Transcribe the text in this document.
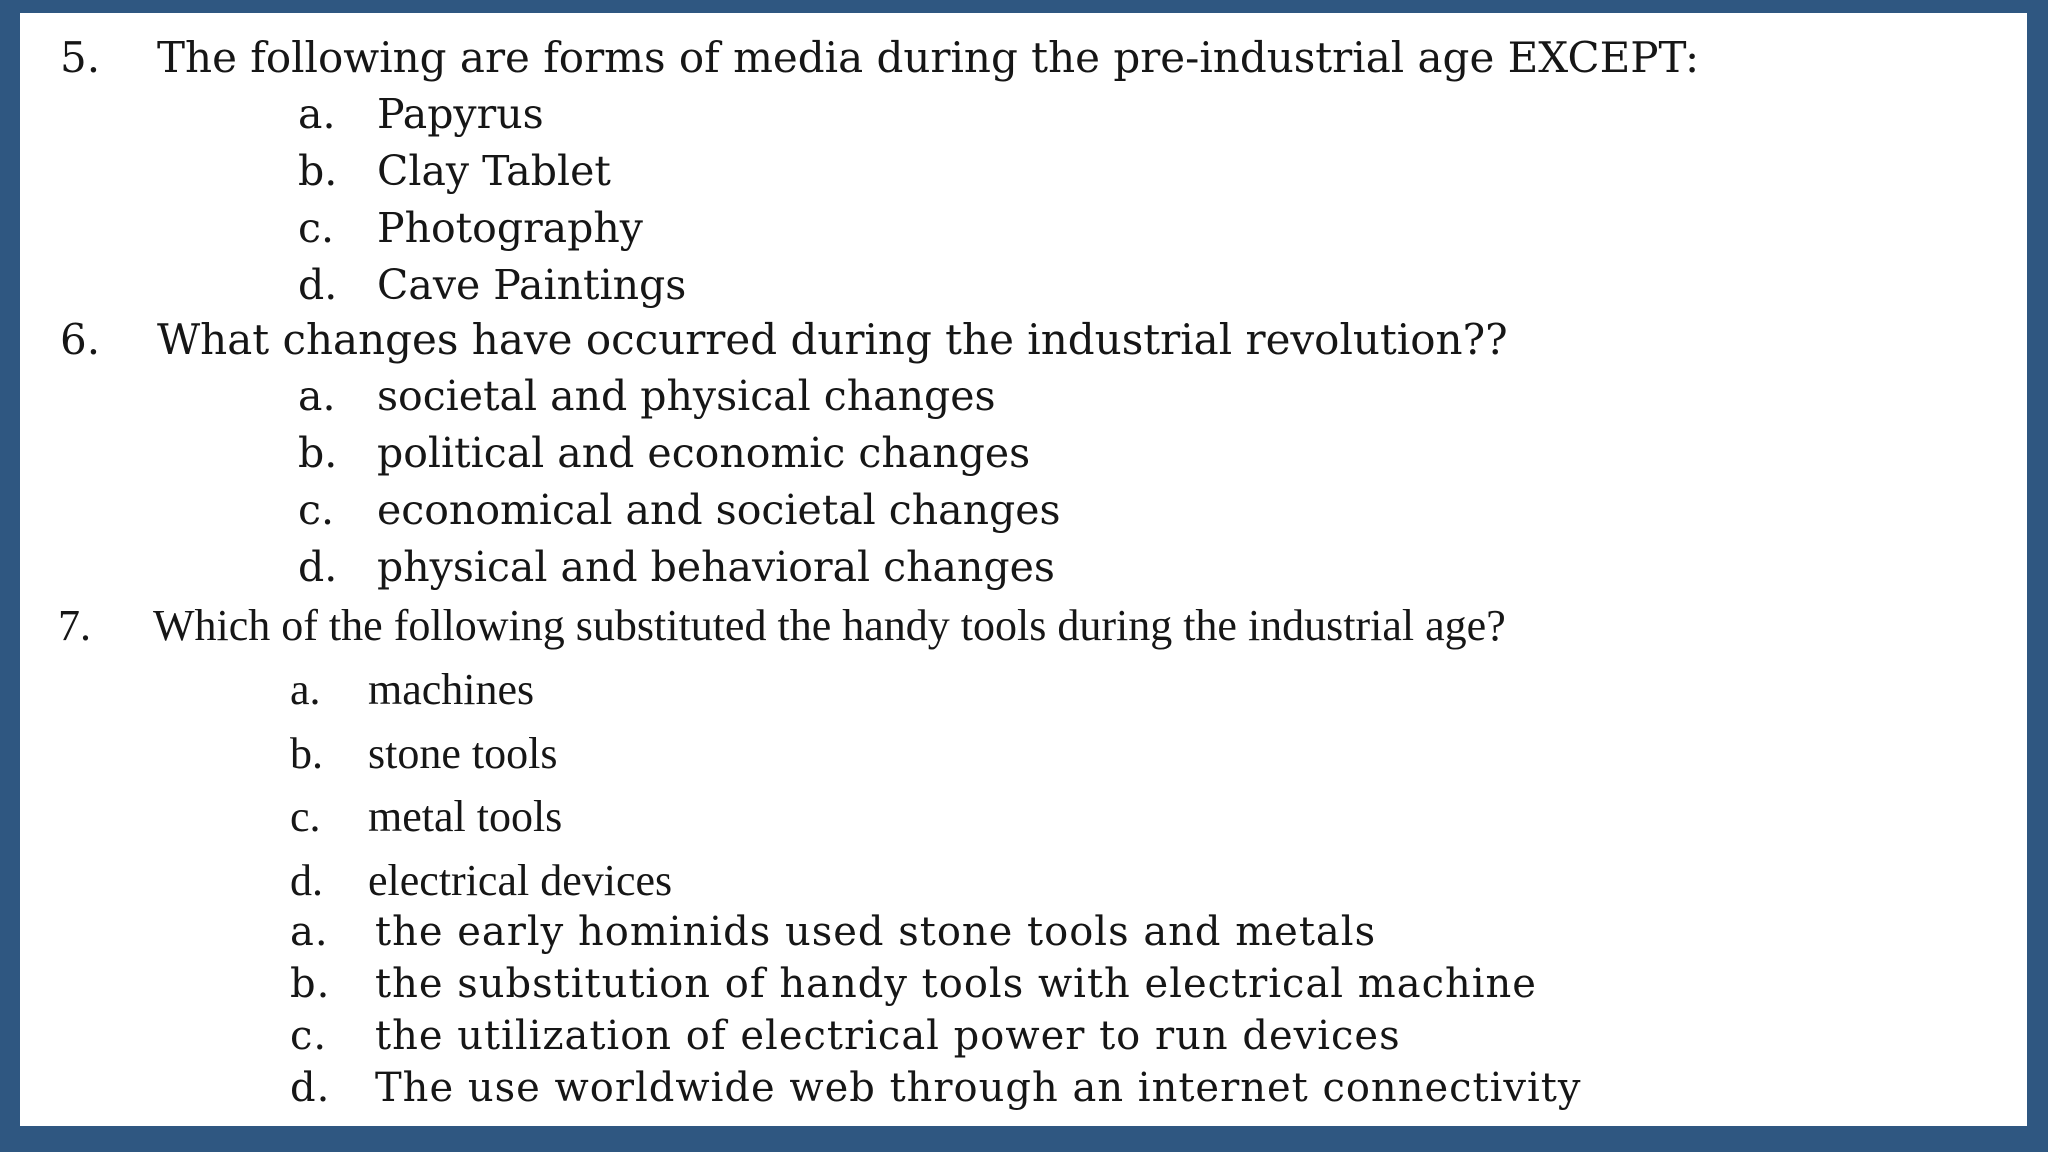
5. The following are forms of media during the pre-industrial age EXCEPT:
a. Papyrus
b. Clay Tablet
c. Photography
d. Cave Paintings
6. What changes have occurred during the industrial revolution??
a. societal and physical changes
b. political and economic changes
c. economical and societal changes
d. physical and behavioral changes
7. Which of the following substituted the handy tools during the industrial age?
a. machines
b. stone tools
c. metal tools
d. electrical devices
a. the early hominids used stone tools and metals
b. the substitution of handy tools with electrical machine
c. the utilization of electrical power to run devices
d. The use worldwide web through an internet connectivity
